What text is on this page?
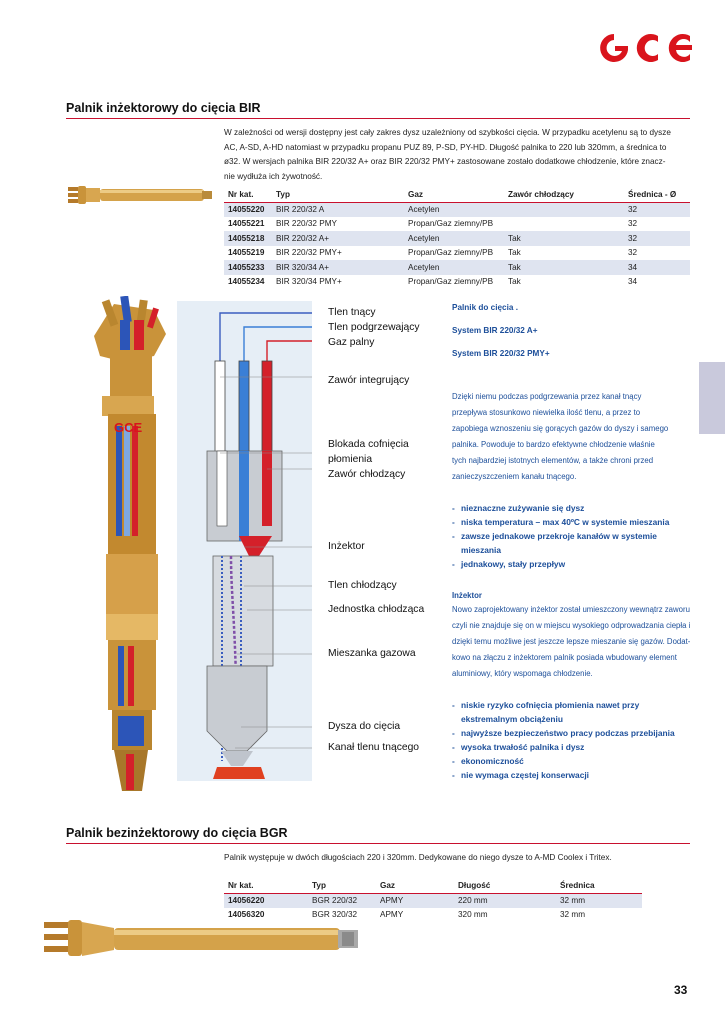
Palnik inżektorowy do cięcia BIR
W zależności od wersji dostępny jest cały zakres dysz uzależniony od szybkości cięcia. W przypadku acetylenu są to dysze
AC, A-SD, A-HD natomiast w przypadku propanu PUZ 89, P-SD, PY-HD. Długość palnika to 220 lub 320mm, a średnica to
ø32. W wersjach palnika BIR 220/32 A+ oraz BIR 220/32 PMY+ zastosowane zostało dodatkowe chłodzenie, które znacz-
nie wydłuża ich żywotność.
Nr kat.	Typ	Gaz	Zawór chłodzący	Średnica - Ø
14055220	BIR 220/32 A	Acetylen		32
14055221	BIR 220/32 PMY	Propan/Gaz ziemny/PB		32
14055218	BIR 220/32 A+	Acetylen	Tak	32
14055219	BIR 220/32 PMY+	Propan/Gaz ziemny/PB	Tak	32
14055233	BIR 320/34 A+	Acetylen	Tak	34
14055234	BIR 320/34 PMY+	Propan/Gaz ziemny/PB	Tak	34
GCE
Tlen tnący
Tlen podgrzewający
Gaz palny
Zawór integrujący
Blokada cofnięcia
płomienia
Zawór chłodzący
Inżektor
Tlen chłodzący
Jednostka chłodząca
Mieszanka gazowa
Dysza do cięcia
Kanał tlenu tnącego
Palnik do cięcia .
System BIR 220/32 A+
System BIR 220/32 PMY+
Dzięki niemu podczas podgrzewania przez kanał tnący
przepływa stosunkowo niewielka ilość tlenu, a przez to
zapobiega wznoszeniu się gorących gazów do dyszy i samego
palnika. Powoduje to bardzo efektywne chłodzenie właśnie
tych najbardziej istotnych elementów, a także chroni przed
zanieczyszczeniem kanału tnącego.
- nieznaczne zużywanie się dysz
- niska temperatura – max 40ºC w systemie mieszania
- zawsze jednakowe przekroje kanałów w systemie mieszania
- jednakowy, stały przepływ
Inżektor
Nowo zaprojektowany inżektor został umieszczony wewnątrz zaworu
czyli nie znajduje się on w miejscu wysokiego odprowadzania ciepła i
dzięki temu możliwe jest jeszcze lepsze mieszanie się gazów. Dodat-
kowo na złączu z inżektorem palnik posiada wbudowany element
aluminiowy, który wspomaga chłodzenie.
- niskie ryzyko cofnięcia płomienia nawet przy ekstremalnym obciążeniu
- najwyższe bezpieczeństwo pracy podczas przebijania
- wysoka trwałość palnika i dysz
- ekonomiczność
- nie wymaga częstej konserwacji
Palnik bezinżektorowy do cięcia BGR
Palnik występuje w dwóch długościach 220 i 320mm. Dedykowane do niego dysze to A-MD Coolex i Tritex.
Nr kat.	Typ	Gaz	Długość	Średnica
14056220	BGR 220/32	APMY	220 mm	32 mm
14056320	BGR 320/32	APMY	320 mm	32 mm
33
